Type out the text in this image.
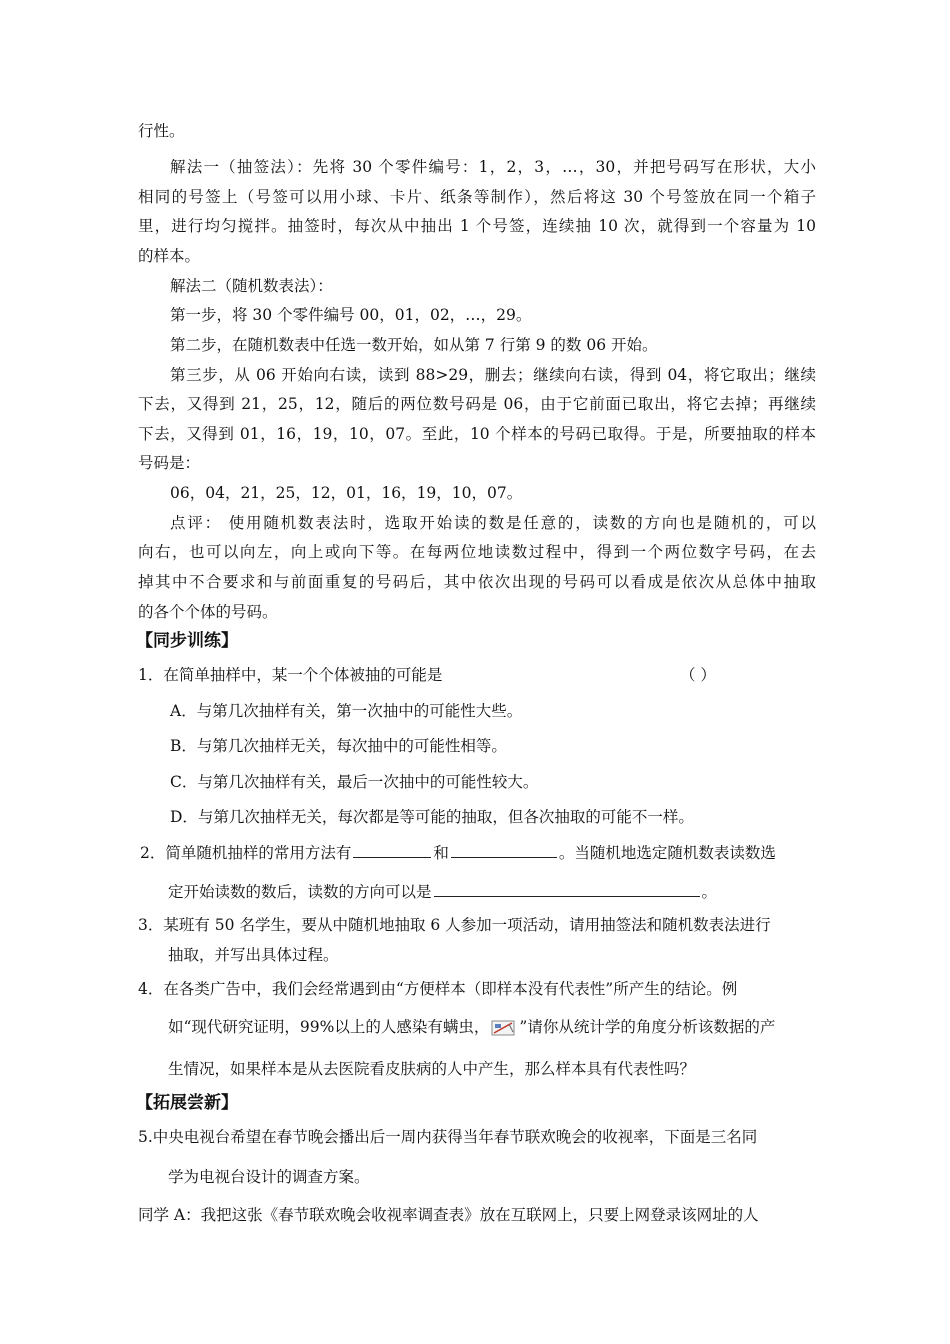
行性。
解法一（抽签法）：先将 30 个零件编号：1，2，3，…，30，并把号码写在形状，大小
相同的号签上（号签可以用小球、卡片、纸条等制作），然后将这 30 个号签放在同一个箱子
里，进行均匀搅拌。抽签时，每次从中抽出 1 个号签，连续抽 10 次，就得到一个容量为 10
的样本。
解法二（随机数表法）：
第一步，将 30 个零件编号 00，01，02，…，29。
第二步，在随机数表中任选一数开始，如从第 7 行第 9 的数 06 开始。
第三步，从 06 开始向右读，读到 88>29，删去；继续向右读，得到 04，将它取出；继续
下去，又得到 21，25，12，随后的两位数号码是 06，由于它前面已取出，将它去掉；再继续
下去，又得到 01，16，19，10，07。至此，10 个样本的号码已取得。于是，所要抽取的样本
号码是：
06，04，21，25，12，01，16，19，10，07。
点评： 使用随机数表法时，选取开始读的数是任意的，读数的方向也是随机的，可以
向右，也可以向左，向上或向下等。在每两位地读数过程中，得到一个两位数字号码，在去
掉其中不合要求和与前面重复的号码后，其中依次出现的号码可以看成是依次从总体中抽取
的各个个体的号码。
【同步训练】
1．在简单抽样中，某一个个体被抽的可能是	（ ）
A．与第几次抽样有关，第一次抽中的可能性大些。
B．与第几次抽样无关，每次抽中的可能性相等。
C．与第几次抽样有关，最后一次抽中的可能性较大。
D．与第几次抽样无关，每次都是等可能的抽取，但各次抽取的可能不一样。
2．简单随机抽样的常用方法有	和	。当随机地选定随机数表读数选
定开始读数的数后，读数的方向可以是	。
3．某班有 50 名学生，要从中随机地抽取 6 人参加一项活动，请用抽签法和随机数表法进行
抽取，并写出具体过程。
4．在各类广告中，我们会经常遇到由“方便样本（即样本没有代表性”所产生的结论。例
如“现代研究证明，99%以上的人感染有螨虫， ”请你从统计学的角度分析该数据的产
生情况，如果样本是从去医院看皮肤病的人中产生，那么样本具有代表性吗？
【拓展尝新】
5.中央电视台希望在春节晚会播出后一周内获得当年春节联欢晚会的收视率，下面是三名同
学为电视台设计的调查方案。
同学 A：我把这张《春节联欢晚会收视率调查表》放在互联网上，只要上网登录该网址的人
